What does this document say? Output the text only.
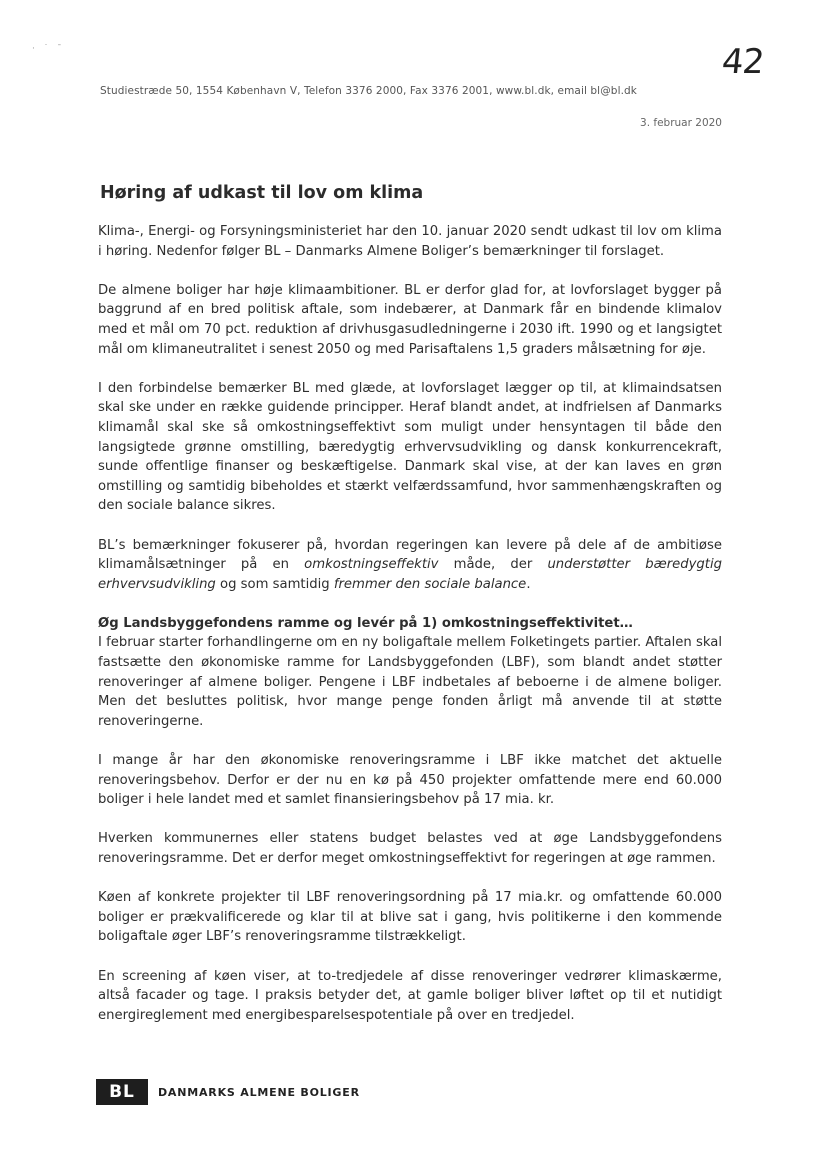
· ˙ ˉ	42
Studiestræde 50, 1554 København V, Telefon 3376 2000, Fax 3376 2001, www.bl.dk, email bl@bl.dk
3. februar 2020
Høring af udkast til lov om klima

Klima-, Energi- og Forsyningsministeriet har den 10. januar 2020 sendt udkast til lov om klima i høring. Nedenfor følger BL – Danmarks Almene Boliger’s bemærkninger til forslaget.

De almene boliger har høje klimaambitioner. BL er derfor glad for, at lovforslaget bygger på baggrund af en bred politisk aftale, som indebærer, at Danmark får en bindende klimalov med et mål om 70 pct. reduktion af drivhusgasudledningerne i 2030 ift. 1990 og et langsigtet mål om klimaneutralitet i senest 2050 og med Parisaftalens 1,5 graders målsætning for øje.

I den forbindelse bemærker BL med glæde, at lovforslaget lægger op til, at klimaindsatsen skal ske under en række guidende principper. Heraf blandt andet, at indfrielsen af Danmarks klimamål skal ske så omkostningseffektivt som muligt under hensyntagen til både den langsigtede grønne omstilling, bæredygtig erhvervsudvikling og dansk konkurrencekraft, sunde offentlige finanser og beskæftigelse. Danmark skal vise, at der kan laves en grøn omstilling og samtidig bibeholdes et stærkt velfærdssamfund, hvor sammenhængskraften og den sociale balance sikres.

BL’s bemærkninger fokuserer på, hvordan regeringen kan levere på dele af de ambitiøse klimamålsætninger på en omkostningseffektiv måde, der understøtter bæredygtig erhvervsudvikling og som samtidig fremmer den sociale balance.

Øg Landsbyggefondens ramme og levér på 1) omkostningseffektivitet…

I februar starter forhandlingerne om en ny boligaftale mellem Folketingets partier. Aftalen skal fastsætte den økonomiske ramme for Landsbyggefonden (LBF), som blandt andet støtter renoveringer af almene boliger. Pengene i LBF indbetales af beboerne i de almene boliger. Men det besluttes politisk, hvor mange penge fonden årligt må anvende til at støtte renoveringerne.

I mange år har den økonomiske renoveringsramme i LBF ikke matchet det aktuelle renoveringsbehov. Derfor er der nu en kø på 450 projekter omfattende mere end 60.000 boliger i hele landet med et samlet finansieringsbehov på 17 mia. kr.

Hverken kommunernes eller statens budget belastes ved at øge Landsbyggefondens renoveringsramme. Det er derfor meget omkostningseffektivt for regeringen at øge rammen.

Køen af konkrete projekter til LBF renoveringsordning på 17 mia.kr. og omfattende 60.000 boliger er prækvalificerede og klar til at blive sat i gang, hvis politikerne i den kommende boligaftale øger LBF’s renoveringsramme tilstrækkeligt.

En screening af køen viser, at to-tredjedele af disse renoveringer vedrører klimaskærme, altså facader og tage. I praksis betyder det, at gamle boliger bliver løftet op til et nutidigt energireglement med energibesparelsespotentiale på over en tredjedel.

BL	DANMARKS ALMENE BOLIGER
